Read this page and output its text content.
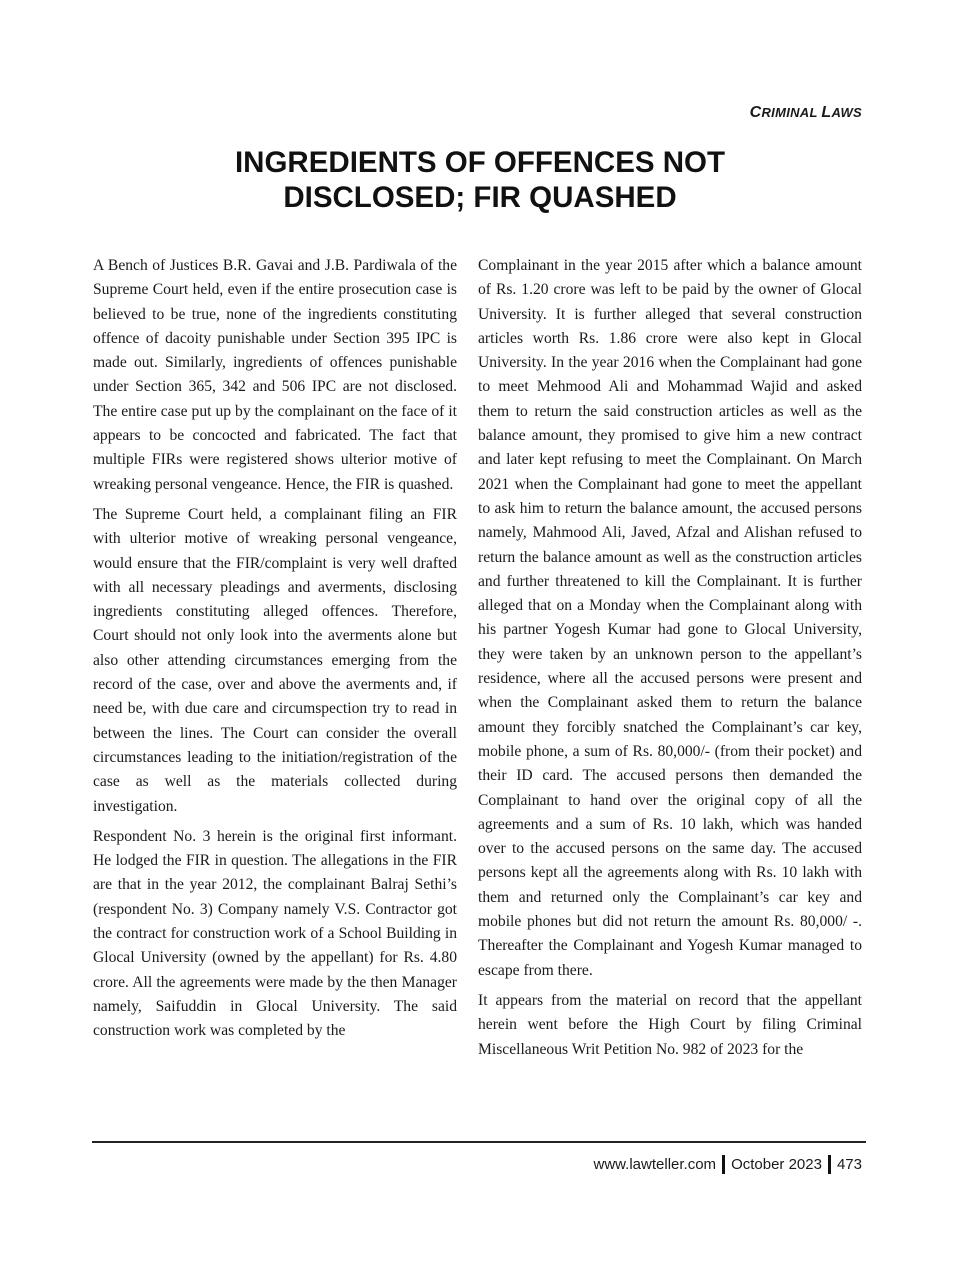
CRIMINAL LAWS
INGREDIENTS OF OFFENCES NOT
DISCLOSED; FIR QUASHED

A Bench of Justices B.R. Gavai and J.B. Pardiwala of the Supreme Court held, even if the entire prosecution case is believed to be true, none of the ingredients constituting offence of dacoity punishable under Section 395 IPC is made out. Similarly, ingredients of offences punishable under Section 365, 342 and 506 IPC are not disclosed. The entire case put up by the complainant on the face of it appears to be concocted and fabricated. The fact that multiple FIRs were registered shows ulterior motive of wreaking personal vengeance. Hence, the FIR is quashed.

The Supreme Court held, a complainant filing an FIR with ulterior motive of wreaking personal vengeance, would ensure that the FIR/complaint is very well drafted with all necessary pleadings and averments, disclosing ingredients constituting alleged offences. Therefore, Court should not only look into the averments alone but also other attending circumstances emerging from the record of the case, over and above the averments and, if need be, with due care and circumspection try to read in between the lines. The Court can consider the overall circumstances leading to the initiation/registration of the case as well as the materials collected during investigation.

Respondent No. 3 herein is the original first informant. He lodged the FIR in question. The allegations in the FIR are that in the year 2012, the complainant Balraj Sethi’s (respondent No. 3) Company namely V.S. Contractor got the contract for construction work of a School Building in Glocal University (owned by the appellant) for Rs. 4.80 crore. All the agreements were made by the then Manager namely, Saifuddin in Glocal University. The said construction work was completed by the

Complainant in the year 2015 after which a balance amount of Rs. 1.20 crore was left to be paid by the owner of Glocal University. It is further alleged that several construction articles worth Rs. 1.86 crore were also kept in Glocal University. In the year 2016 when the Complainant had gone to meet Mehmood Ali and Mohammad Wajid and asked them to return the said construction articles as well as the balance amount, they promised to give him a new contract and later kept refusing to meet the Complainant. On March 2021 when the Complainant had gone to meet the appellant to ask him to return the balance amount, the accused persons namely, Mahmood Ali, Javed, Afzal and Alishan refused to return the balance amount as well as the construction articles and further threatened to kill the Complainant. It is further alleged that on a Monday when the Complainant along with his partner Yogesh Kumar had gone to Glocal University, they were taken by an unknown person to the appellant’s residence, where all the accused persons were present and when the Complainant asked them to return the balance amount they forcibly snatched the Complainant’s car key, mobile phone, a sum of Rs. 80,000/- (from their pocket) and their ID card. The accused persons then demanded the Complainant to hand over the original copy of all the agreements and a sum of Rs. 10 lakh, which was handed over to the accused persons on the same day. The accused persons kept all the agreements along with Rs. 10 lakh with them and returned only the Complainant’s car key and mobile phones but did not return the amount Rs. 80,000/ -. Thereafter the Complainant and Yogesh Kumar managed to escape from there.

It appears from the material on record that the appellant herein went before the High Court by filing Criminal Miscellaneous Writ Petition No. 982 of 2023 for the

www.lawteller.com October 2023 473
